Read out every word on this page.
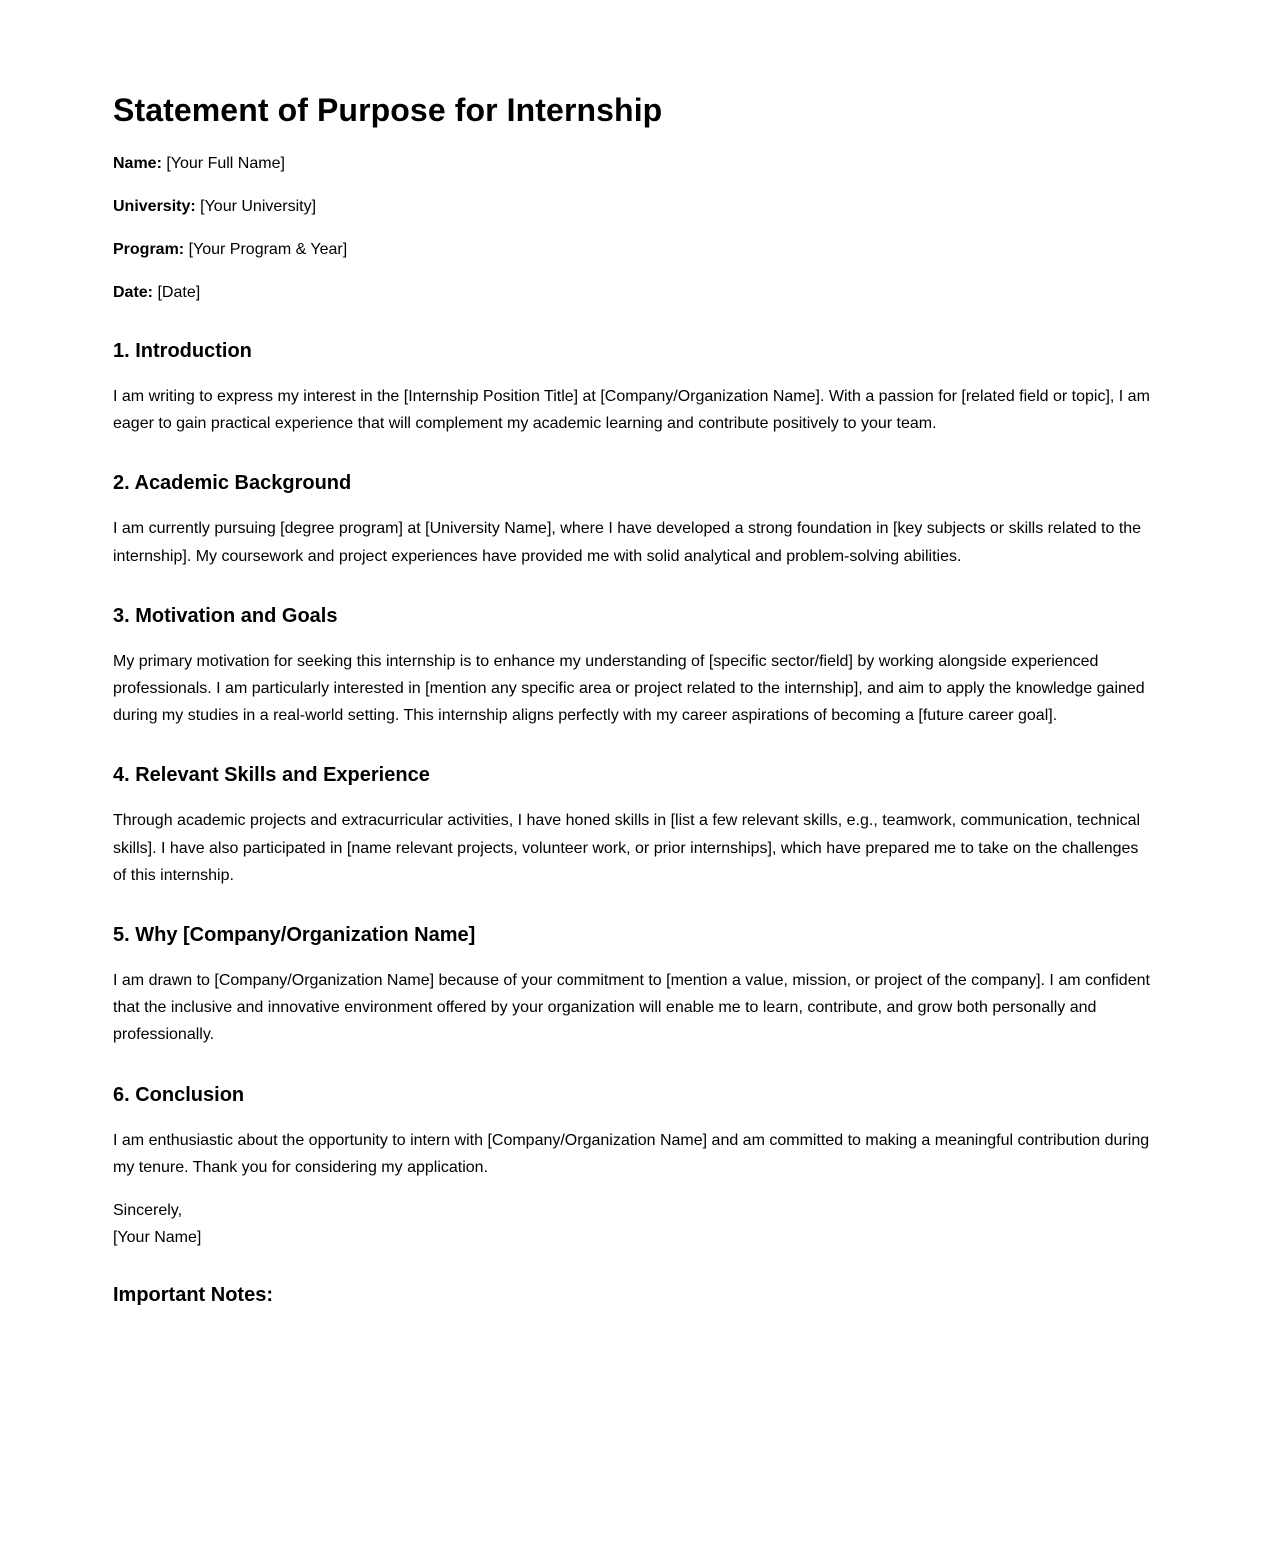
Statement of Purpose for Internship
Name: [Your Full Name]
University: [Your University]
Program: [Your Program & Year]
Date: [Date]
1. Introduction

I am writing to express my interest in the [Internship Position Title] at [Company/Organization Name]. With a passion for [related field or topic], I am eager to gain practical experience that will complement my academic learning and contribute positively to your team.

2. Academic Background

I am currently pursuing [degree program] at [University Name], where I have developed a strong foundation in [key subjects or skills related to the internship]. My coursework and project experiences have provided me with solid analytical and problem-solving abilities.

3. Motivation and Goals

My primary motivation for seeking this internship is to enhance my understanding of [specific sector/field] by working alongside experienced professionals. I am particularly interested in [mention any specific area or project related to the internship], and aim to apply the knowledge gained during my studies in a real-world setting. This internship aligns perfectly with my career aspirations of becoming a [future career goal].

4. Relevant Skills and Experience

Through academic projects and extracurricular activities, I have honed skills in [list a few relevant skills, e.g., teamwork, communication, technical skills]. I have also participated in [name relevant projects, volunteer work, or prior internships], which have prepared me to take on the challenges of this internship.

5. Why [Company/Organization Name]

I am drawn to [Company/Organization Name] because of your commitment to [mention a value, mission, or project of the company]. I am confident that the inclusive and innovative environment offered by your organization will enable me to learn, contribute, and grow both personally and professionally.

6. Conclusion

I am enthusiastic about the opportunity to intern with [Company/Organization Name] and am committed to making a meaningful contribution during my tenure. Thank you for considering my application.

Sincerely,
[Your Name]
Important Notes:
